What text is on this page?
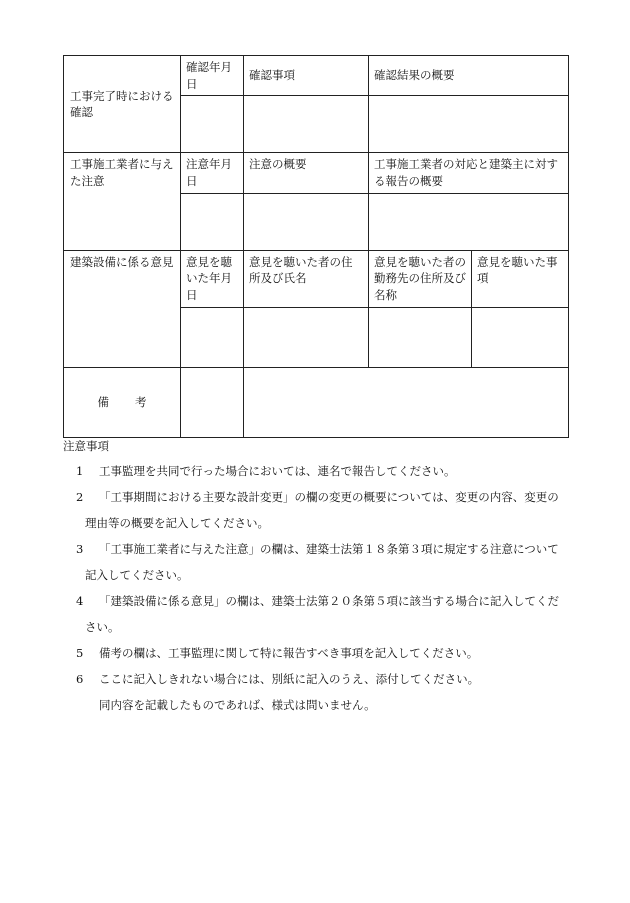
工事完了時における確認	確認年月日	確認事項	確認結果の概要	

工事施工業者に与えた注意	注意年月日	注意の概要	工事施工業者の対応と建築主に対する報告の概要	

建築設備に係る意見	意見を聴いた年月日	意見を聴いた者の住所及び氏名	意見を聴いた者の勤務先の住所及び名称	意見を聴いた事項

備 考				
注意事項
1	工事監理を共同で行った場合においては、連名で報告してください。
2	「工事期間における主要な設計変更」の欄の変更の概要については、変更の内容、変更の
理由等の概要を記入してください。
3	「工事施工業者に与えた注意」の欄は、建築士法第１８条第３項に規定する注意について
記入してください。
4	「建築設備に係る意見」の欄は、建築士法第２０条第５項に該当する場合に記入してくだ
さい。
5	備考の欄は、工事監理に関して特に報告すべき事項を記入してください。
6	ここに記入しきれない場合には、別紙に記入のうえ、添付してください。
同内容を記載したものであれば、様式は問いません。
